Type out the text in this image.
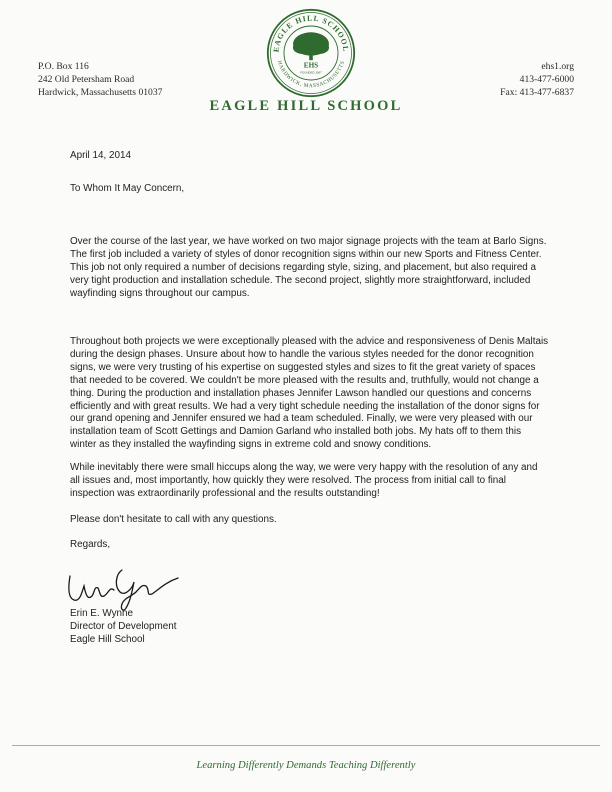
P.O. Box 116
242 Old Petersham Road
Hardwick, Massachusetts 01037
ehs1.org
413-477-6000
Fax: 413-477-6837
EAGLE HILL SCHOOL
HARDWICK, MASSACHUSETTS
EHS
FOUNDED 1967
EAGLE HILL SCHOOL
April 14, 2014
To Whom It May Concern,
Over the course of the last year, we have worked on two major signage projects with the team at Barlo Signs. The first job included a variety of styles of donor recognition signs within our new Sports and Fitness Center. This job not only required a number of decisions regarding style, sizing, and placement, but also required a very tight production and installation schedule. The second project, slightly more straightforward, included wayfinding signs throughout our campus.
Throughout both projects we were exceptionally pleased with the advice and responsiveness of Denis Maltais during the design phases. Unsure about how to handle the various styles needed for the donor recognition signs, we were very trusting of his expertise on suggested styles and sizes to fit the great variety of spaces that needed to be covered. We couldn't be more pleased with the results and, truthfully, would not change a thing. During the production and installation phases Jennifer Lawson handled our questions and concerns efficiently and with great results. We had a very tight schedule needing the installation of the donor signs for our grand opening and Jennifer ensured we had a team scheduled. Finally, we were very pleased with our installation team of Scott Gettings and Damion Garland who installed both jobs. My hats off to them this winter as they installed the wayfinding signs in extreme cold and snowy conditions.
While inevitably there were small hiccups along the way, we were very happy with the resolution of any and all issues and, most importantly, how quickly they were resolved. The process from initial call to final inspection was extraordinarily professional and the results outstanding!
Please don't hesitate to call with any questions.
Regards,
Erin E. Wynne
Director of Development
Eagle Hill School
Learning Differently Demands Teaching Differently
